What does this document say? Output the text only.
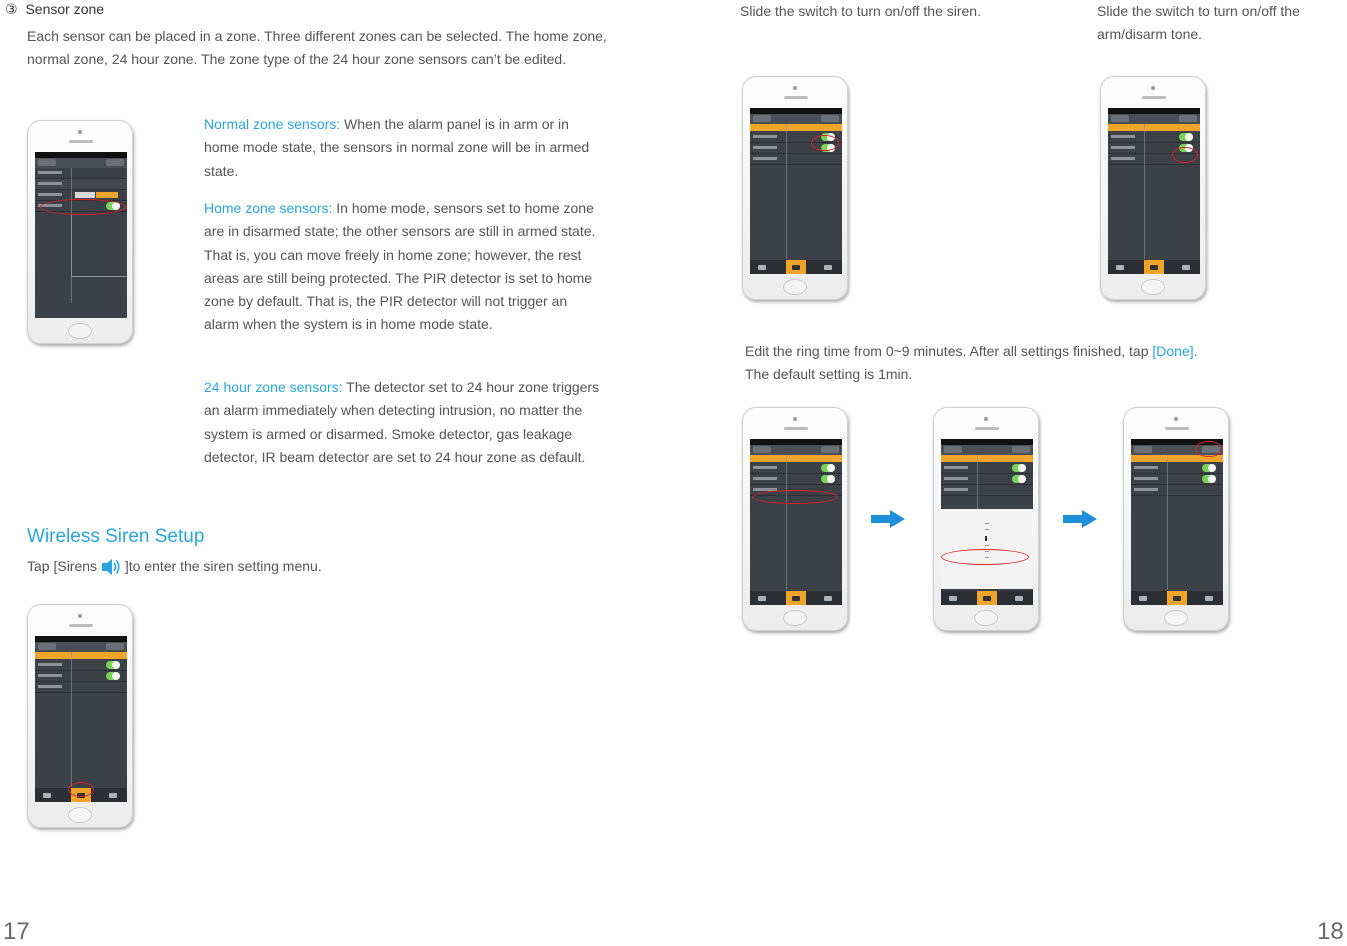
③ Sensor zone
Each sensor can be placed in a zone. Three different zones can be selected. The home zone, normal zone, 24 hour zone. The zone type of the 24 hour zone sensors can’t be edited.
Normal zone sensors: When the alarm panel is in arm or in home mode state, the sensors in normal zone will be in armed state.
Home zone sensors: In home mode, sensors set to home zone are in disarmed state; the other sensors are still in armed state. That is, you can move freely in home zone; however, the rest areas are still being protected. The PIR detector is set to home zone by default. That is, the PIR detector will not trigger an alarm when the system is in home mode state.
24 hour zone sensors: The detector set to 24 hour zone triggers an alarm immediately when detecting intrusion, no matter the system is armed or disarmed. Smoke detector, gas leakage detector, IR beam detector are set to 24 hour zone as default.
Wireless Siren Setup
Tap [Sirens  ]to enter the siren setting menu.
17
Slide the switch to turn on/off the siren.	Slide the switch to turn on/off the arm/disarm tone.
Edit the ring time from 0~9 minutes. After all settings finished, tap [Done].
The default setting is 1min.
18
